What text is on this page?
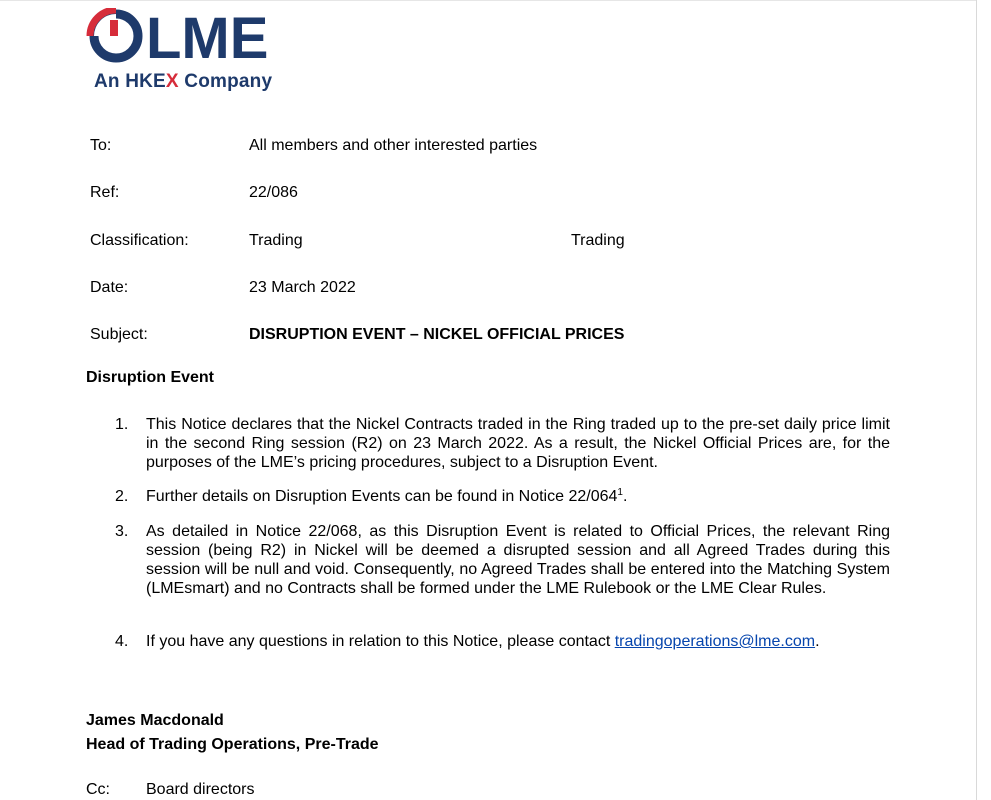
LME
An HKEX Company
To:	All members and other interested parties
Ref:	22/086
Classification:	Trading	Trading
Date:	23 March 2022
Subject:	DISRUPTION EVENT – NICKEL OFFICIAL PRICES
Disruption Event
1.	This Notice declares that the Nickel Contracts traded in the Ring traded up to the pre-set daily price limit in the second Ring session (R2) on 23 March 2022. As a result, the Nickel Official Prices are, for the purposes of the LME’s pricing procedures, subject to a Disruption Event.
2.	Further details on Disruption Events can be found in Notice $22/064^1$.
3.	As detailed in Notice 22/068, as this Disruption Event is related to Official Prices, the relevant Ring session (being R2) in Nickel will be deemed a disrupted session and all Agreed Trades during this session will be null and void. Consequently, no Agreed Trades shall be entered into the Matching System (LMEsmart) and no Contracts shall be formed under the LME Rulebook or the LME Clear Rules.
4.	If you have any questions in relation to this Notice, please contact tradingoperations@lme.com.
James Macdonald
Head of Trading Operations, Pre-Trade
Cc: Board directors
